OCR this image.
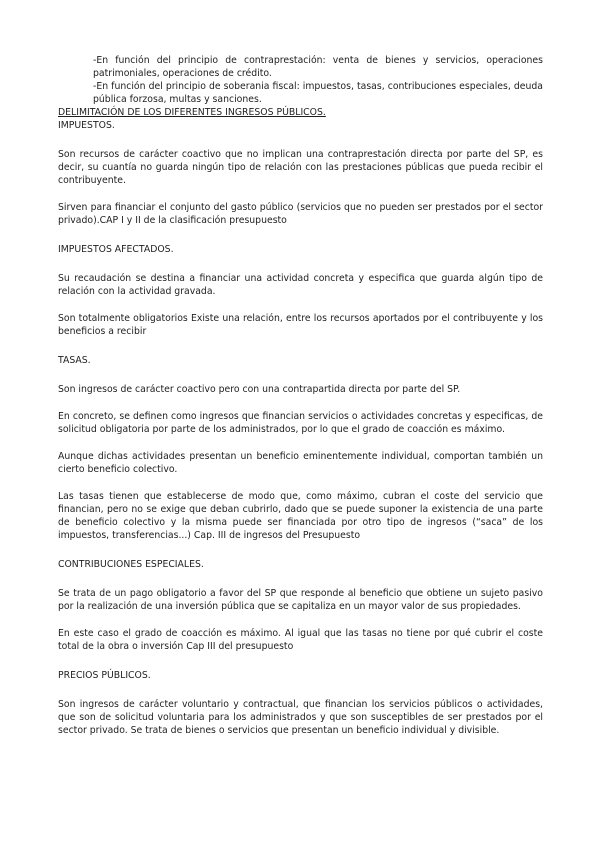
-En función del principio de contraprestación: venta de bienes y servicios, operaciones patrimoniales, operaciones de crédito.

-En función del principio de soberania fiscal: impuestos, tasas, contribuciones especiales, deuda pública forzosa, multas y sanciones.

DELIMITACIÓN DE LOS DIFERENTES INGRESOS PÚBLICOS.

IMPUESTOS.

Son recursos de carácter coactivo que no implican una contraprestación directa por parte del SP, es decir, su cuantía no guarda ningún tipo de relación con las prestaciones públicas que pueda recibir el contribuyente.

Sirven para financiar el conjunto del gasto público (servicios que no pueden ser prestados por el sector privado).CAP I y II de la clasificación presupuesto

IMPUESTOS AFECTADOS.

Su recaudación se destina a financiar una actividad concreta y especifica que guarda algún tipo de relación con la actividad gravada.

Son totalmente obligatorios Existe una relación, entre los recursos aportados por el contribuyente y los beneficios a recibir

TASAS.

Son ingresos de carácter coactivo pero con una contrapartida directa por parte del SP.

En concreto, se definen como ingresos que financian servicios o actividades concretas y especificas, de solicitud obligatoria por parte de los administrados, por lo que el grado de coacción es máximo.

Aunque dichas actividades presentan un beneficio eminentemente individual, comportan también un cierto beneficio colectivo.

Las tasas tienen que establecerse de modo que, como máximo, cubran el coste del servicio que financian, pero no se exige que deban cubrirlo, dado que se puede suponer la existencia de una parte de beneficio colectivo y la misma puede ser financiada por otro tipo de ingresos (“saca” de los impuestos, transferencias...) Cap. III de ingresos del Presupuesto

CONTRIBUCIONES ESPECIALES.

Se trata de un pago obligatorio a favor del SP que responde al beneficio que obtiene un sujeto pasivo por la realización de una inversión pública que se capitaliza en un mayor valor de sus propiedades.

En este caso el grado de coacción es máximo. Al igual que las tasas no tiene por qué cubrir el coste total de la obra o inversión Cap III del presupuesto

PRECIOS PÚBLICOS.

Son ingresos de carácter voluntario y contractual, que financian los servicios públicos o actividades, que son de solicitud voluntaria para los administrados y que son susceptibles de ser prestados por el sector privado. Se trata de bienes o servicios que presentan un beneficio individual y divisible.
